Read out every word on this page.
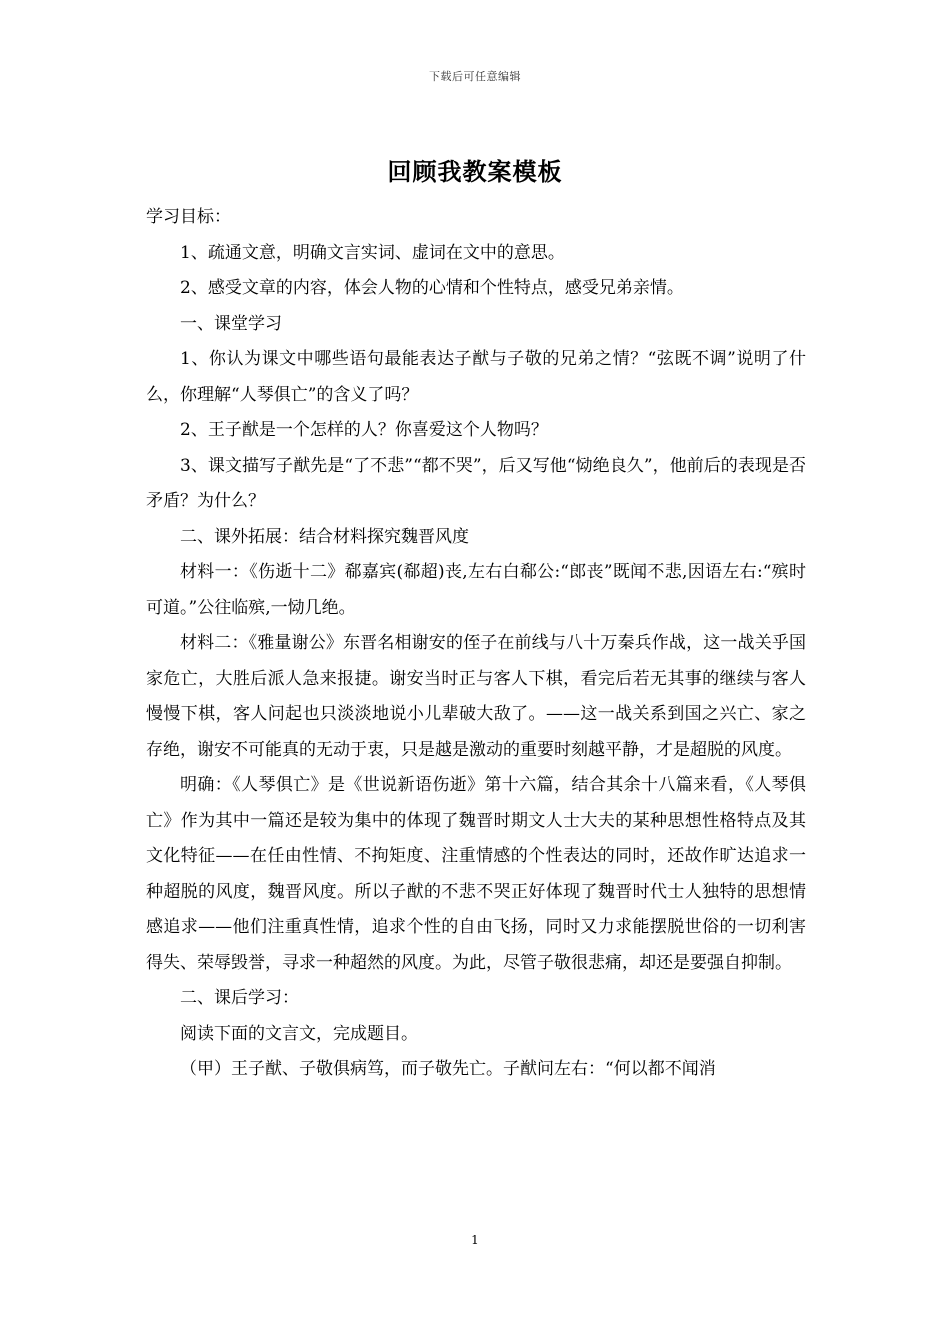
下载后可任意编辑
回顾我教案模板

学习目标：

1、疏通文意，明确文言实词、虚词在文中的意思。

2、感受文章的内容，体会人物的心情和个性特点，感受兄弟亲情。

一、课堂学习

1、你认为课文中哪些语句最能表达子猷与子敬的兄弟之情？“弦既不调”说明了什么，你理解“人琴俱亡”的含义了吗？

2、王子猷是一个怎样的人？你喜爱这个人物吗？

3、课文描写子猷先是“了不悲”“都不哭”，后又写他“恸绝良久”，他前后的表现是否矛盾？为什么？

二、课外拓展：结合材料探究魏晋风度

材料一：《伤逝十二》郗嘉宾(郗超)丧,左右白郗公:“郎丧”既闻不悲,因语左右:“殡时可道。”公往临殡,一恸几绝。

材料二：《雅量谢公》东晋名相谢安的侄子在前线与八十万秦兵作战，这一战关乎国家危亡，大胜后派人急来报捷。谢安当时正与客人下棋，看完后若无其事的继续与客人慢慢下棋，客人问起也只淡淡地说小儿辈破大敌了。——这一战关系到国之兴亡、家之存绝，谢安不可能真的无动于衷，只是越是激动的重要时刻越平静，才是超脱的风度。

明确：《人琴俱亡》是《世说新语伤逝》第十六篇，结合其余十八篇来看，《人琴俱亡》作为其中一篇还是较为集中的体现了魏晋时期文人士大夫的某种思想性格特点及其文化特征——在任由性情、不拘矩度、注重情感的个性表达的同时，还故作旷达追求一种超脱的风度，魏晋风度。所以子猷的不悲不哭正好体现了魏晋时代士人独特的思想情感追求——他们注重真性情，追求个性的自由飞扬，同时又力求能摆脱世俗的一切利害得失、荣辱毁誉，寻求一种超然的风度。为此，尽管子敬很悲痛，却还是要强自抑制。

二、课后学习：

阅读下面的文言文，完成题目。

（甲）王子猷、子敬俱病笃，而子敬先亡。子猷问左右：“何以都不闻消

1
